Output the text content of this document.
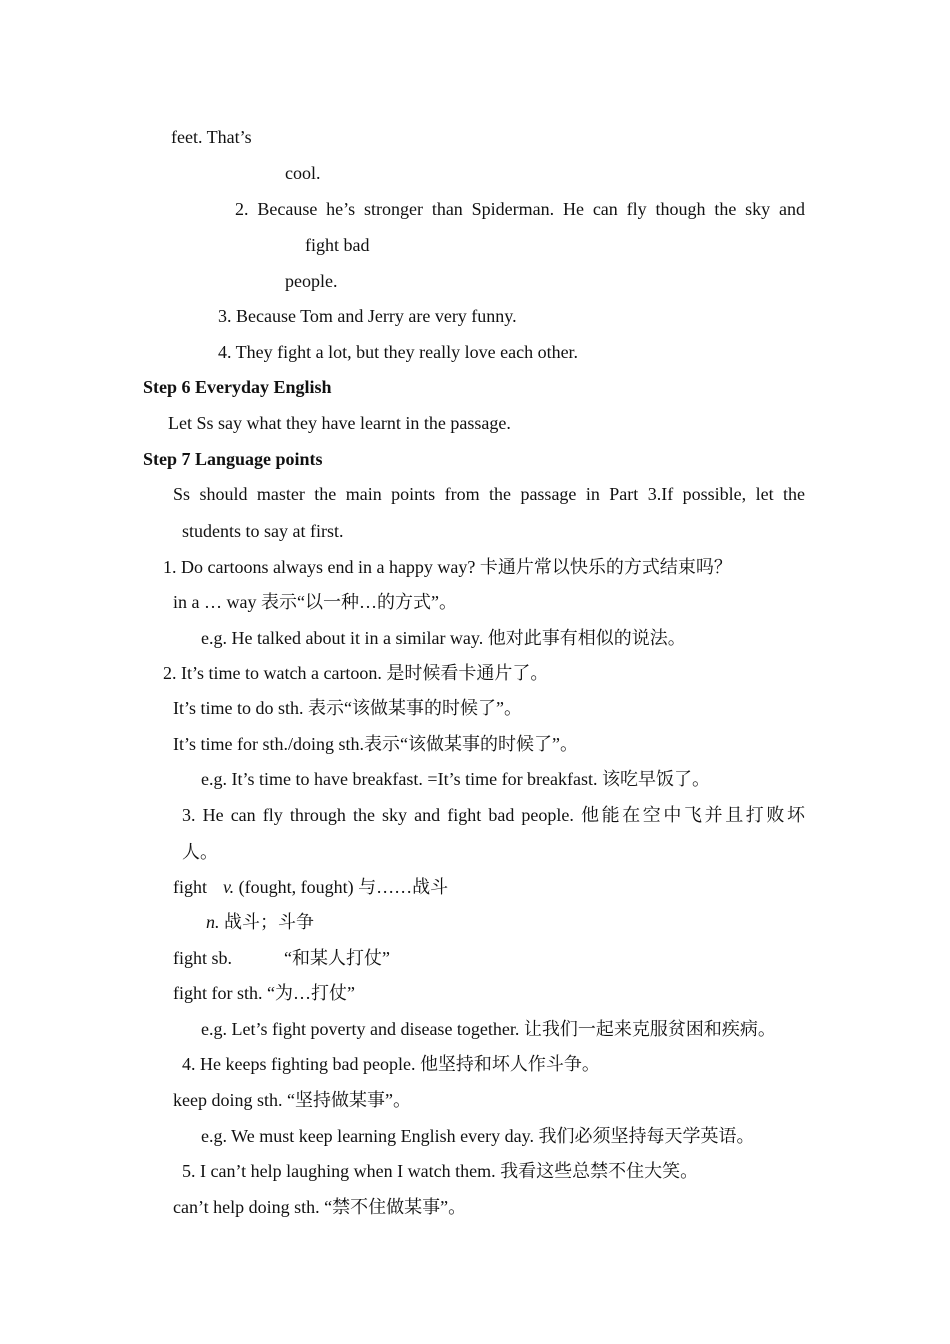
feet. That’s
cool.
2. Because he’s stronger than Spiderman. He can fly though the sky and
fight bad
people.
3. Because Tom and Jerry are very funny.
4. They fight a lot, but they really love each other.
Step 6 Everyday English
Let Ss say what they have learnt in the passage.
Step 7 Language points
Ss should master the main points from the passage in Part 3.If possible, let the
students to say at first.
1. Do cartoons always end in a happy way? 卡通片常以快乐的方式结束吗？
in a … way 表示“以一种…的方式”。
e.g. He talked about it in a similar way. 他对此事有相似的说法。
2. It’s time to watch a cartoon. 是时候看卡通片了。
It’s time to do sth. 表示“该做某事的时候了”。
It’s time for sth./doing sth.表示“该做某事的时候了”。
e.g. It’s time to have breakfast. =It’s time for breakfast. 该吃早饭了。
3. He can fly through the sky and fight bad people. 他能在空中飞并且打败坏
人。
fight v. (fought, fought) 与……战斗
n. 战斗；斗争
fight sb.	“和某人打仗”
fight for sth. “为…打仗”
e.g. Let’s fight poverty and disease together. 让我们一起来克服贫困和疾病。
4. He keeps fighting bad people. 他坚持和坏人作斗争。
keep doing sth. “坚持做某事”。
e.g. We must keep learning English every day. 我们必须坚持每天学英语。
5. I can’t help laughing when I watch them. 我看这些总禁不住大笑。
can’t help doing sth. “禁不住做某事”。
